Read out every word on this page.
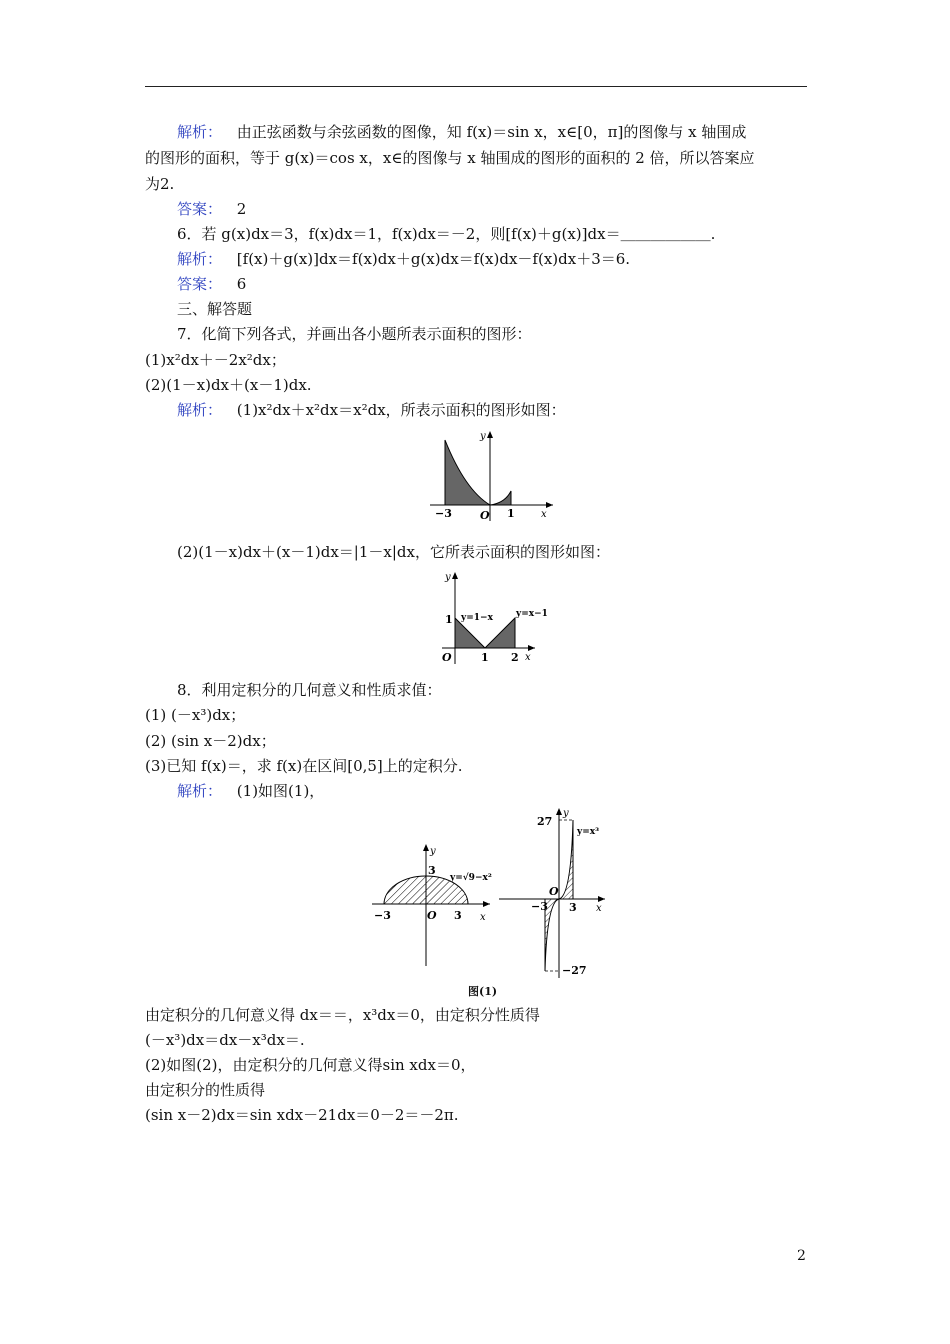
解析： 由正弦函数与余弦函数的图像，知 f(x)＝sin x，x∈[0，π]的图像与 x 轴围成
的图形的面积，等于 g(x)＝cos x，x∈的图像与 x 轴围成的图形的面积的 2 倍，所以答案应
为2.
答案： 2
6．若 g(x)dx＝3，f(x)dx＝1，f(x)dx＝－2，则[f(x)＋g(x)]dx＝＿＿＿＿＿＿.
解析： [f(x)＋g(x)]dx＝f(x)dx＋g(x)dx＝f(x)dx－f(x)dx＋3＝6.
答案： 6
三、解答题
7．化简下列各式，并画出各小题所表示面积的图形：
(1)x²dx＋－2x²dx；
(2)(1－x)dx＋(x－1)dx.
解析： (1)x²dx＋x²dx＝x²dx，所表示面积的图形如图：
y
x
O
−3	1
(2)(1－x)dx＋(x－1)dx＝|1－x|dx，它所表示面积的图形如图：
y
x
O
1
1 2
y=1−x	y=x−1
8．利用定积分的几何意义和性质求值：
(1) (－x³)dx；
(2) (sin x－2)dx；
(3)已知 f(x)＝，求 f(x)在区间[0,5]上的定积分.
解析： (1)如图(1)，
y
x
O
3
−3	3
y=√9−x²
y
x
O
27
−27
−3 3
y=x³
图(1)
由定积分的几何意义得 dx＝＝，x³dx＝0，由定积分性质得
(－x³)dx＝dx－x³dx＝.
(2)如图(2)，由定积分的几何意义得sin xdx＝0，
由定积分的性质得
(sin x－2)dx＝sin xdx－21dx＝0－2＝－2π.
2
